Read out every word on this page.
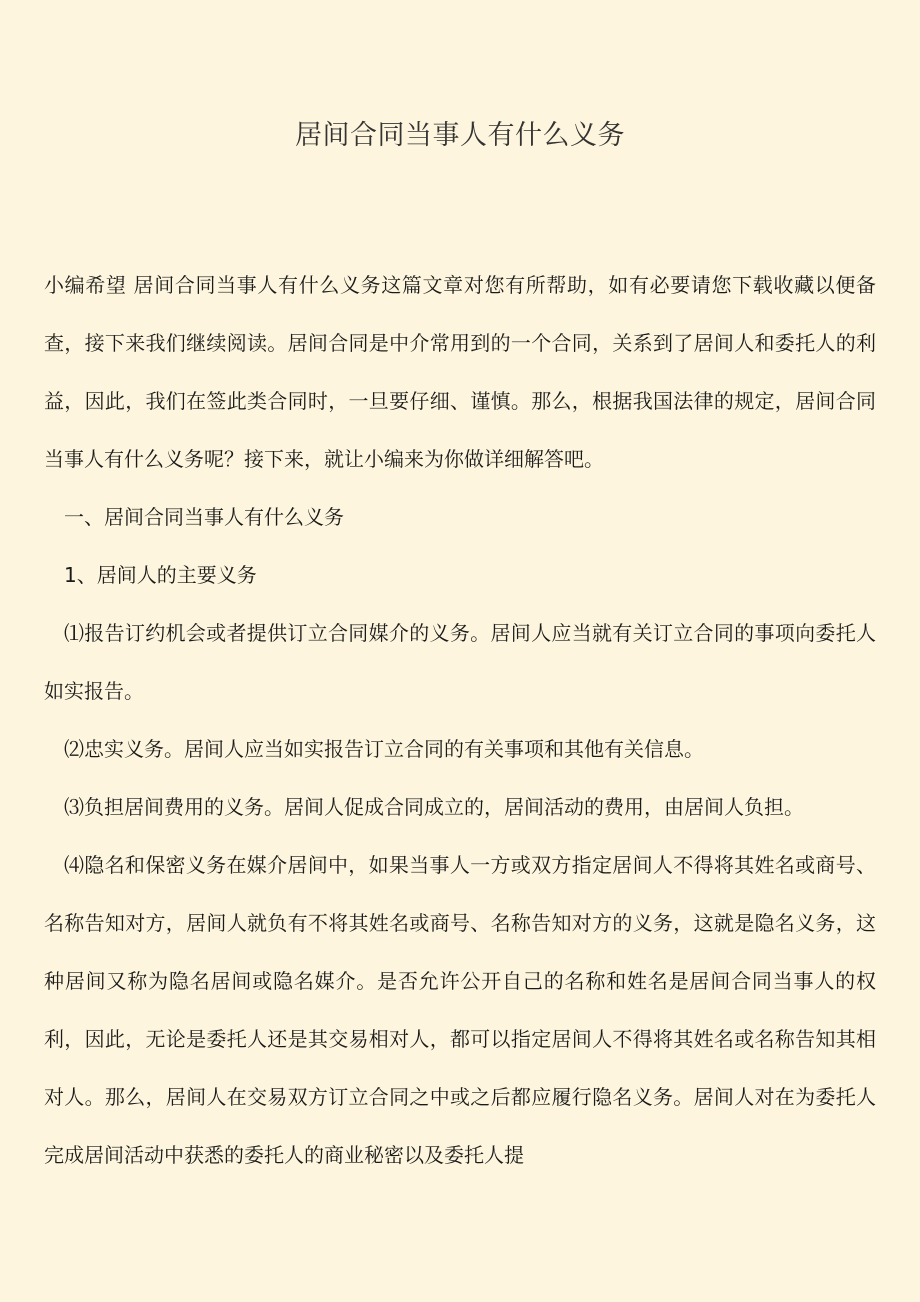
居间合同当事人有什么义务

小编希望 居间合同当事人有什么义务这篇文章对您有所帮助，如有必要请您下载收藏以便备查，接下来我们继续阅读。居间合同是中介常用到的一个合同，关系到了居间人和委托人的利益，因此，我们在签此类合同时，一旦要仔细、谨慎。那么，根据我国法律的规定，居间合同当事人有什么义务呢？接下来，就让小编来为你做详细解答吧。

一、居间合同当事人有什么义务

1、居间人的主要义务

⑴报告订约机会或者提供订立合同媒介的义务。居间人应当就有关订立合同的事项向委托人如实报告。

⑵忠实义务。居间人应当如实报告订立合同的有关事项和其他有关信息。

⑶负担居间费用的义务。居间人促成合同成立的，居间活动的费用，由居间人负担。

⑷隐名和保密义务在媒介居间中，如果当事人一方或双方指定居间人不得将其姓名或商号、名称告知对方，居间人就负有不将其姓名或商号、名称告知对方的义务，这就是隐名义务，这种居间又称为隐名居间或隐名媒介。是否允许公开自己的名称和姓名是居间合同当事人的权利，因此，无论是委托人还是其交易相对人，都可以指定居间人不得将其姓名或名称告知其相对人。那么，居间人在交易双方订立合同之中或之后都应履行隐名义务。居间人对在为委托人完成居间活动中获悉的委托人的商业秘密以及委托人提
